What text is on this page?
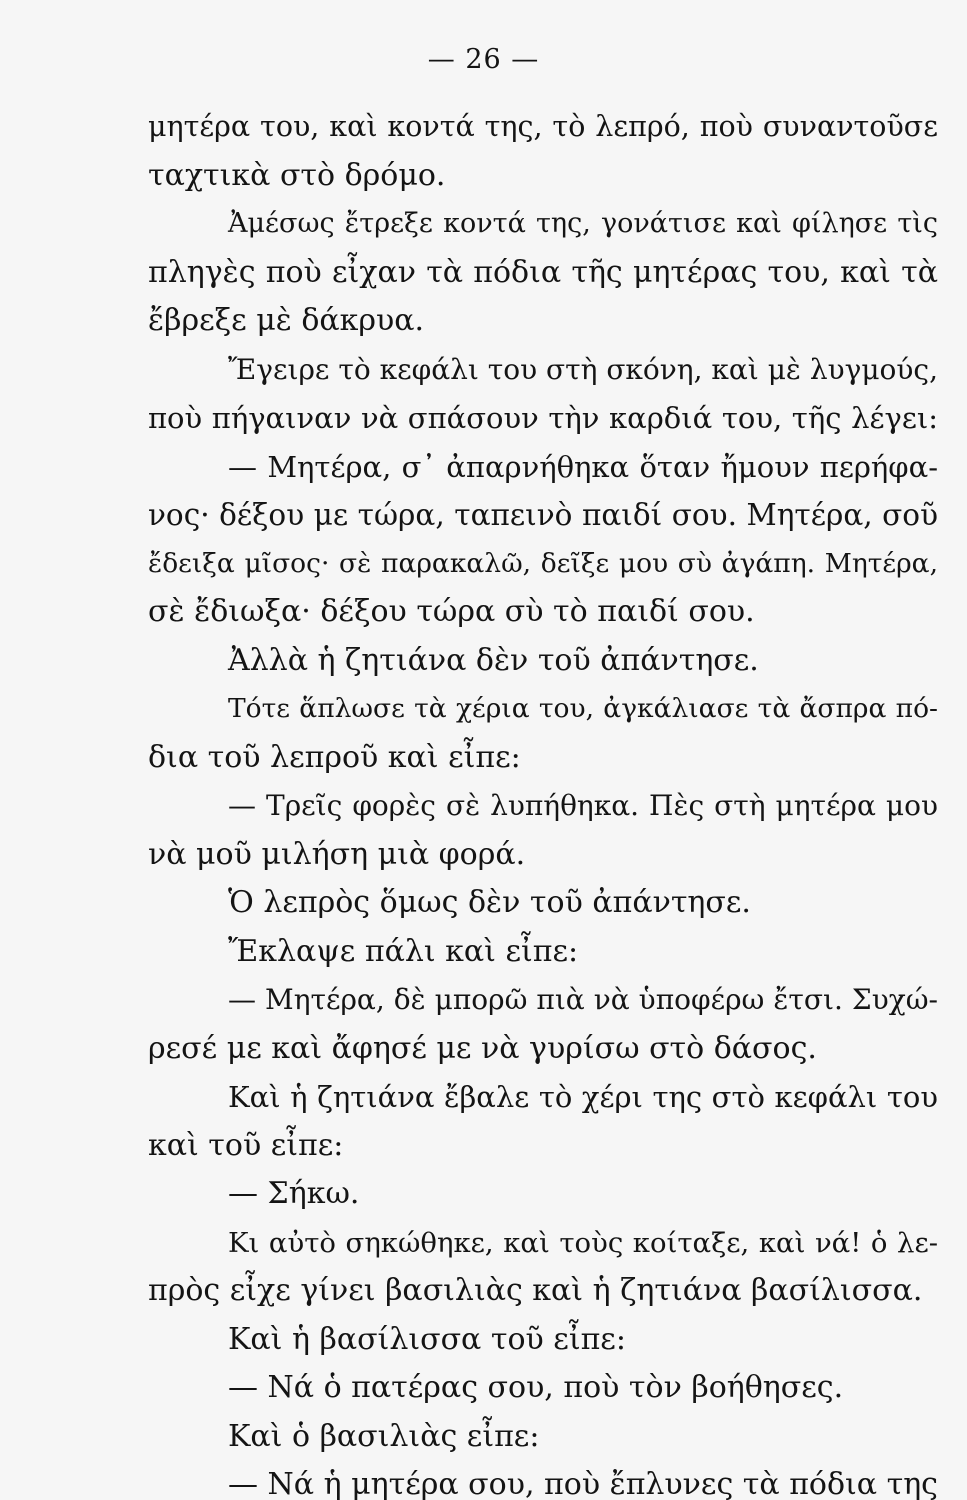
— 26 —
μητέρα του, καὶ κοντά της, τὸ λεπρό, ποὺ συναντοῦσε
ταχτικὰ στὸ δρόμο.
Ἀμέσως ἔτρεξε κοντά της, γονάτισε καὶ φίλησε τὶς
πληγὲς ποὺ εἶχαν τὰ πόδια τῆς μητέρας του, καὶ τὰ
ἔβρεξε μὲ δάκρυα.
Ἔγειρε τὸ κεφάλι του στὴ σκόνη, καὶ μὲ λυγμούς,
ποὺ πήγαιναν νὰ σπάσουν τὴν καρδιά του, τῆς λέγει:
— Μητέρα, σ᾽ ἀπαρνήθηκα ὅταν ἤμουν περήφα-
νος· δέξου με τώρα, ταπεινὸ παιδί σου. Μητέρα, σοῦ
ἔδειξα μῖσος· σὲ παρακαλῶ, δεῖξε μου σὺ ἀγάπη. Μητέρα,
σὲ ἔδιωξα· δέξου τώρα σὺ τὸ παιδί σου.
Ἀλλὰ ἡ ζητιάνα δὲν τοῦ ἀπάντησε.
Τότε ἅπλωσε τὰ χέρια του, ἀγκάλιασε τὰ ἄσπρα πό-
δια τοῦ λεπροῦ καὶ εἶπε:
— Τρεῖς φορὲς σὲ λυπήθηκα. Πὲς στὴ μητέρα μου
νὰ μοῦ μιλήση μιὰ φορά.
Ὁ λεπρὸς ὅμως δὲν τοῦ ἀπάντησε.
Ἔκλαψε πάλι καὶ εἶπε:
— Μητέρα, δὲ μπορῶ πιὰ νὰ ὑποφέρω ἔτσι. Συχώ-
ρεσέ με καὶ ἄφησέ με νὰ γυρίσω στὸ δάσος.
Καὶ ἡ ζητιάνα ἔβαλε τὸ χέρι της στὸ κεφάλι του
καὶ τοῦ εἶπε:
— Σήκω.
Κι αὐτὸ σηκώθηκε, καὶ τοὺς κοίταξε, καὶ νά! ὁ λε-
πρὸς εἶχε γίνει βασιλιὰς καὶ ἡ ζητιάνα βασίλισσα.
Καὶ ἡ βασίλισσα τοῦ εἶπε:
— Νά ὁ πατέρας σου, ποὺ τὸν βοήθησες.
Καὶ ὁ βασιλιὰς εἶπε:
— Νά ἡ μητέρα σου, ποὺ ἔπλυνες τὰ πόδια της
